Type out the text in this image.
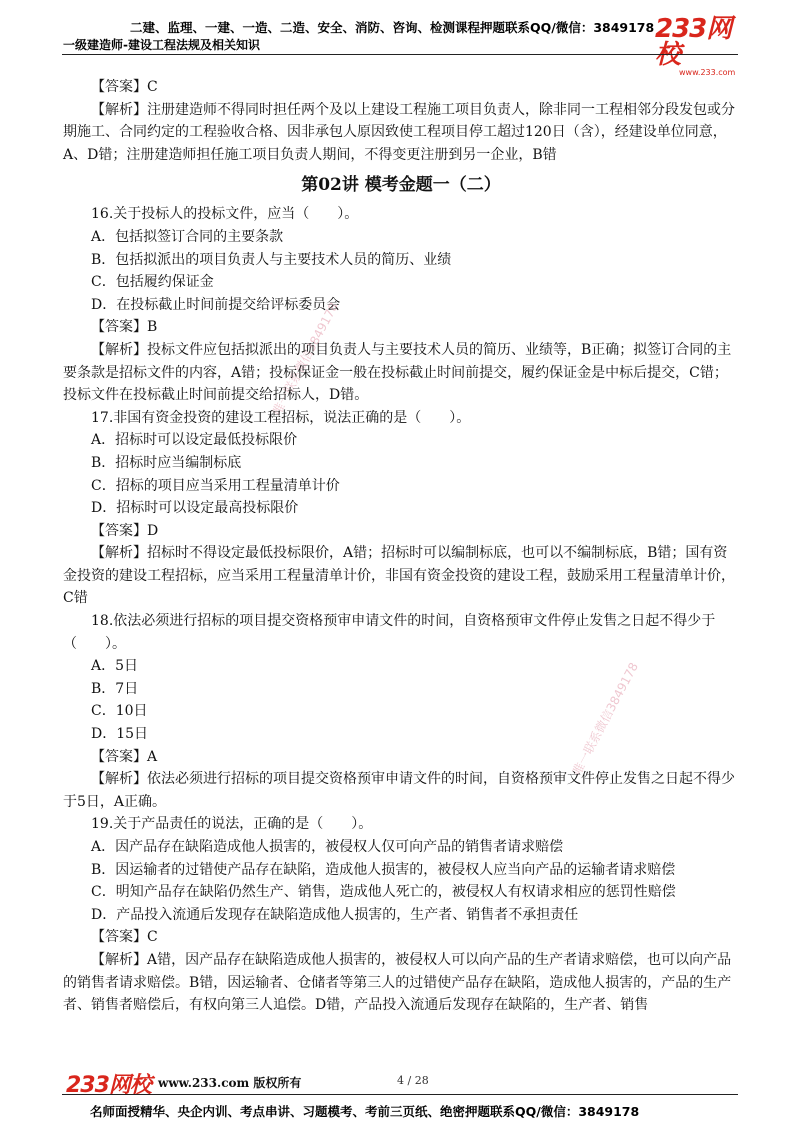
二建、监理、一建、一造、二造、安全、消防、咨询、检测课程押题联系QQ/微信：3849178
一级建造师-建设工程法规及相关知识
233网校
www.233.com
唯一联系微信3849178
唯一联系微信3849178

【答案】C

【解析】注册建造师不得同时担任两个及以上建设工程施工项目负责人，除非同一工程相邻分段发包或分期施工、合同约定的工程验收合格、因非承包人原因致使工程项目停工超过120日（含），经建设单位同意，A、D错；注册建造师担任施工项目负责人期间，不得变更注册到另一企业，B错

第02讲 模考金题一（二）

16.关于投标人的投标文件，应当（　　）。

A．包括拟签订合同的主要条款

B．包括拟派出的项目负责人与主要技术人员的简历、业绩

C．包括履约保证金

D．在投标截止时间前提交给评标委员会

【答案】B

【解析】投标文件应包括拟派出的项目负责人与主要技术人员的简历、业绩等，B正确；拟签订合同的主要条款是招标文件的内容，A错；投标保证金一般在投标截止时间前提交，履约保证金是中标后提交，C错；投标文件在投标截止时间前提交给招标人，D错。

17.非国有资金投资的建设工程招标，说法正确的是（　　）。

A．招标时可以设定最低投标限价

B．招标时应当编制标底

C．招标的项目应当采用工程量清单计价

D．招标时可以设定最高投标限价

【答案】D

【解析】招标时不得设定最低投标限价，A错；招标时可以编制标底，也可以不编制标底，B错；国有资金投资的建设工程招标，应当采用工程量清单计价，非国有资金投资的建设工程，鼓励采用工程量清单计价，C错

18.依法必须进行招标的项目提交资格预审申请文件的时间，自资格预审文件停止发售之日起不得少于（　　）。

A．5日

B．7日

C．10日

D．15日

【答案】A

【解析】依法必须进行招标的项目提交资格预审申请文件的时间，自资格预审文件停止发售之日起不得少于5日，A正确。

19.关于产品责任的说法，正确的是（　　）。

A．因产品存在缺陷造成他人损害的，被侵权人仅可向产品的销售者请求赔偿

B．因运输者的过错使产品存在缺陷，造成他人损害的，被侵权人应当向产品的运输者请求赔偿

C．明知产品存在缺陷仍然生产、销售，造成他人死亡的，被侵权人有权请求相应的惩罚性赔偿

D．产品投入流通后发现存在缺陷造成他人损害的，生产者、销售者不承担责任

【答案】C

【解析】A错，因产品存在缺陷造成他人损害的，被侵权人可以向产品的生产者请求赔偿，也可以向产品的销售者请求赔偿。B错，因运输者、仓储者等第三人的过错使产品存在缺陷，造成他人损害的，产品的生产者、销售者赔偿后，有权向第三人追偿。D错，产品投入流通后发现存在缺陷的，生产者、销售

233网校 www.233.com 版权所有	4 / 28
名师面授精华、央企内训、考点串讲、习题模考、考前三页纸、绝密押题联系QQ/微信：3849178
